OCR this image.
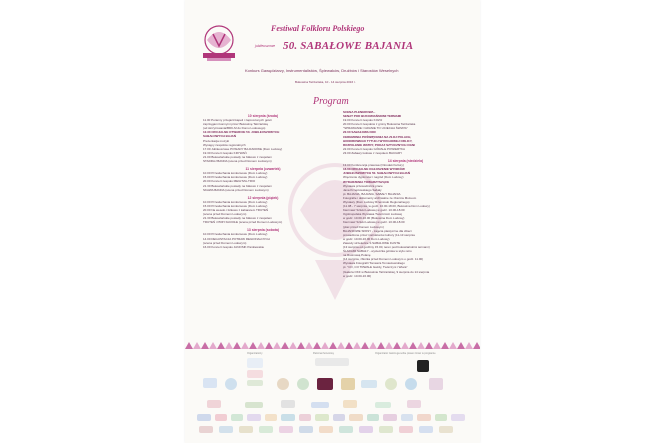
Festiwal Folkloru Polskiego
jubileuszowe 50. SABAŁOWE BAJANIA
Konkurs Gawędziarzy, Instrumentalistów, Śpiewaków, Drużbów i Starostów Weselnych
Bukowina Tatrzańska, 10 - 14 sierpnia 2016 r.
Program
10 sierpnia (środa)
11.00 Poranny przejazd kapeli i zaproszonych gości
zaprzęgami konnymi przez Bukowinę Tatrzańską
(od skrzyżowania/BDK-M do Domu Ludowego)
12.30 OFICJALNE OTWARCIE 50. JUBILEUSZOWYCH
SABAŁOWYCH BAJAŃ
Prezentacja muzyki
Występy zespołów regionalnych
17.00 Jubileuszowe POSIADY BAJANIOWE (Dom Ludowy)
19.30 Koncert zespołu KRYWAŃ
21.00 Bukowiańskie posiady na folkowo z zespołem
STADRAJ BANDA (scena przed Domem Ludowym)
11 sierpnia (czwartek)
10.00 Przesłuchania konkursowe (Dom Ludowy)
15.00 Przesłuchania konkursowe (Dom Ludowy)
20.00 Koncert zespołu MEGITZA-TRIO
21.30 Bukowiańskie posiady na folkowo z zespołem
SKAWA BANDA (scena przed Domem Ludowym)
12 sierpnia (piątek)
10.00 Przesłuchania konkursowe (Dom Ludowy)
15.00 Przesłuchania konkursowe (Dom Ludowy)
20.00 Na wesoło i folkowo z kabaretem TRUTEŃ
(scena przed Domem Ludowym)
21.30 Bukowiańskie posiady na folkowo z zespołem
TRUTEŃ i PRZYJACIOŁE (scena przed Domem Ludowym)
13 sierpnia (sobota)
10.00 Przesłuchania konkursowe (Dom Ludowy)
14.00 DEGUSTACJA POTRAW REGIONALNYCH
(scena przed Domem Ludowym)
16.00 Koncert zespołu JANOSIK Pankiewskie
SCENA PLENEROWA -
SENAT POD BUKOWIAŃSKIMI TERMAMI
19.00 Koncert zespołu KOZIJ
20.00 Koncert zespołów z gminy Bukowina Tatrzańska
"SPRAWANIE I GRANIE TO UCIECHA ŚWIATA"
22.00 SABAŁOWA NOC
CEREMONIA POŚWIĘCENIA NA ZŁOJ POLACH,
HONOROWEGO TYTUŁU WYRCHOWEJ ORLICY,
ROZPALENIE WATRY, POKAZ SZTUCZNYCH OGNI
22.00 Koncert zespołu GÓRALE POWIERTKA
23.00 Zabawy ludowe z zespołem BACIARY
14 sierpnia (niedziela)
13.00 Konferencja prasowa (Ośrodek Kultury)
16.00 OFICJALNE OGŁOSZENIE WYNIKÓW
JUBILEUSZOWYCH 50. SABAŁOWYCH BAJAŃ
Wręczenie dyplomów i nagród (Dom Ludowy)
WYDARZENIA TOWARZYSZĄCE
Wystawa przewodnicza prace
Jana Krzeptowskiego Sabały
pt. BAJANIA, BAJANIA, SABAŁY BAJANIA
Fotografie i dokumenty archiwalne ze zbiorów Muzeum
Wystawy (Dom Ludowy Rzemiosło Regionalnego)
(11.08 - 7 sierpnia, w godz. 10.00-18.00, Bukowina Dom Ludowy)
Kiermasz Sztuki Ludowej w godz. 10.00-18.00
Ogólnopolska Wystawa Twórczości Ludowej
w godz. 10.00-16.00 (Bukowina Dom Ludowy)
Kiermasz Sztuki Ludowej w godz. 10.00-18.00
(plac przed Domem Ludowym)
BAJANIOWE SPASY - zajęcia plastyczne dla dzieci
prowadzone przez instruktorów kultury (11-13 sierpnia
w godz. 10.00-16.00 Dom Ludowy)
Zawody strzeleckie Ś SABAŁOWE FLINTE
(13 sierpnia od godziny 15.00, teren pod bukowiańskimi termami)
ŚLADAMI SABAŁY - wycieczka górska w stylu retro
na Rusinową Polanę
(14 sierpnia, zbiórka przed Domem Ludowym o godz. 11.00)
Wystawa Fotografii Tomasza Tomaszewskiego
pt. "CO, CO TRWALE Gazdy, Twórczyni i Wiara"
(Galeria OKF w Bukowinie Tatrzańskiej, 9 sierpnia do 14 sierpnia
w godz. 10.00-16.00)
Organizatorzy	Patronat honorowy	Organizator zastrzega sobie prawo zmian w programie
